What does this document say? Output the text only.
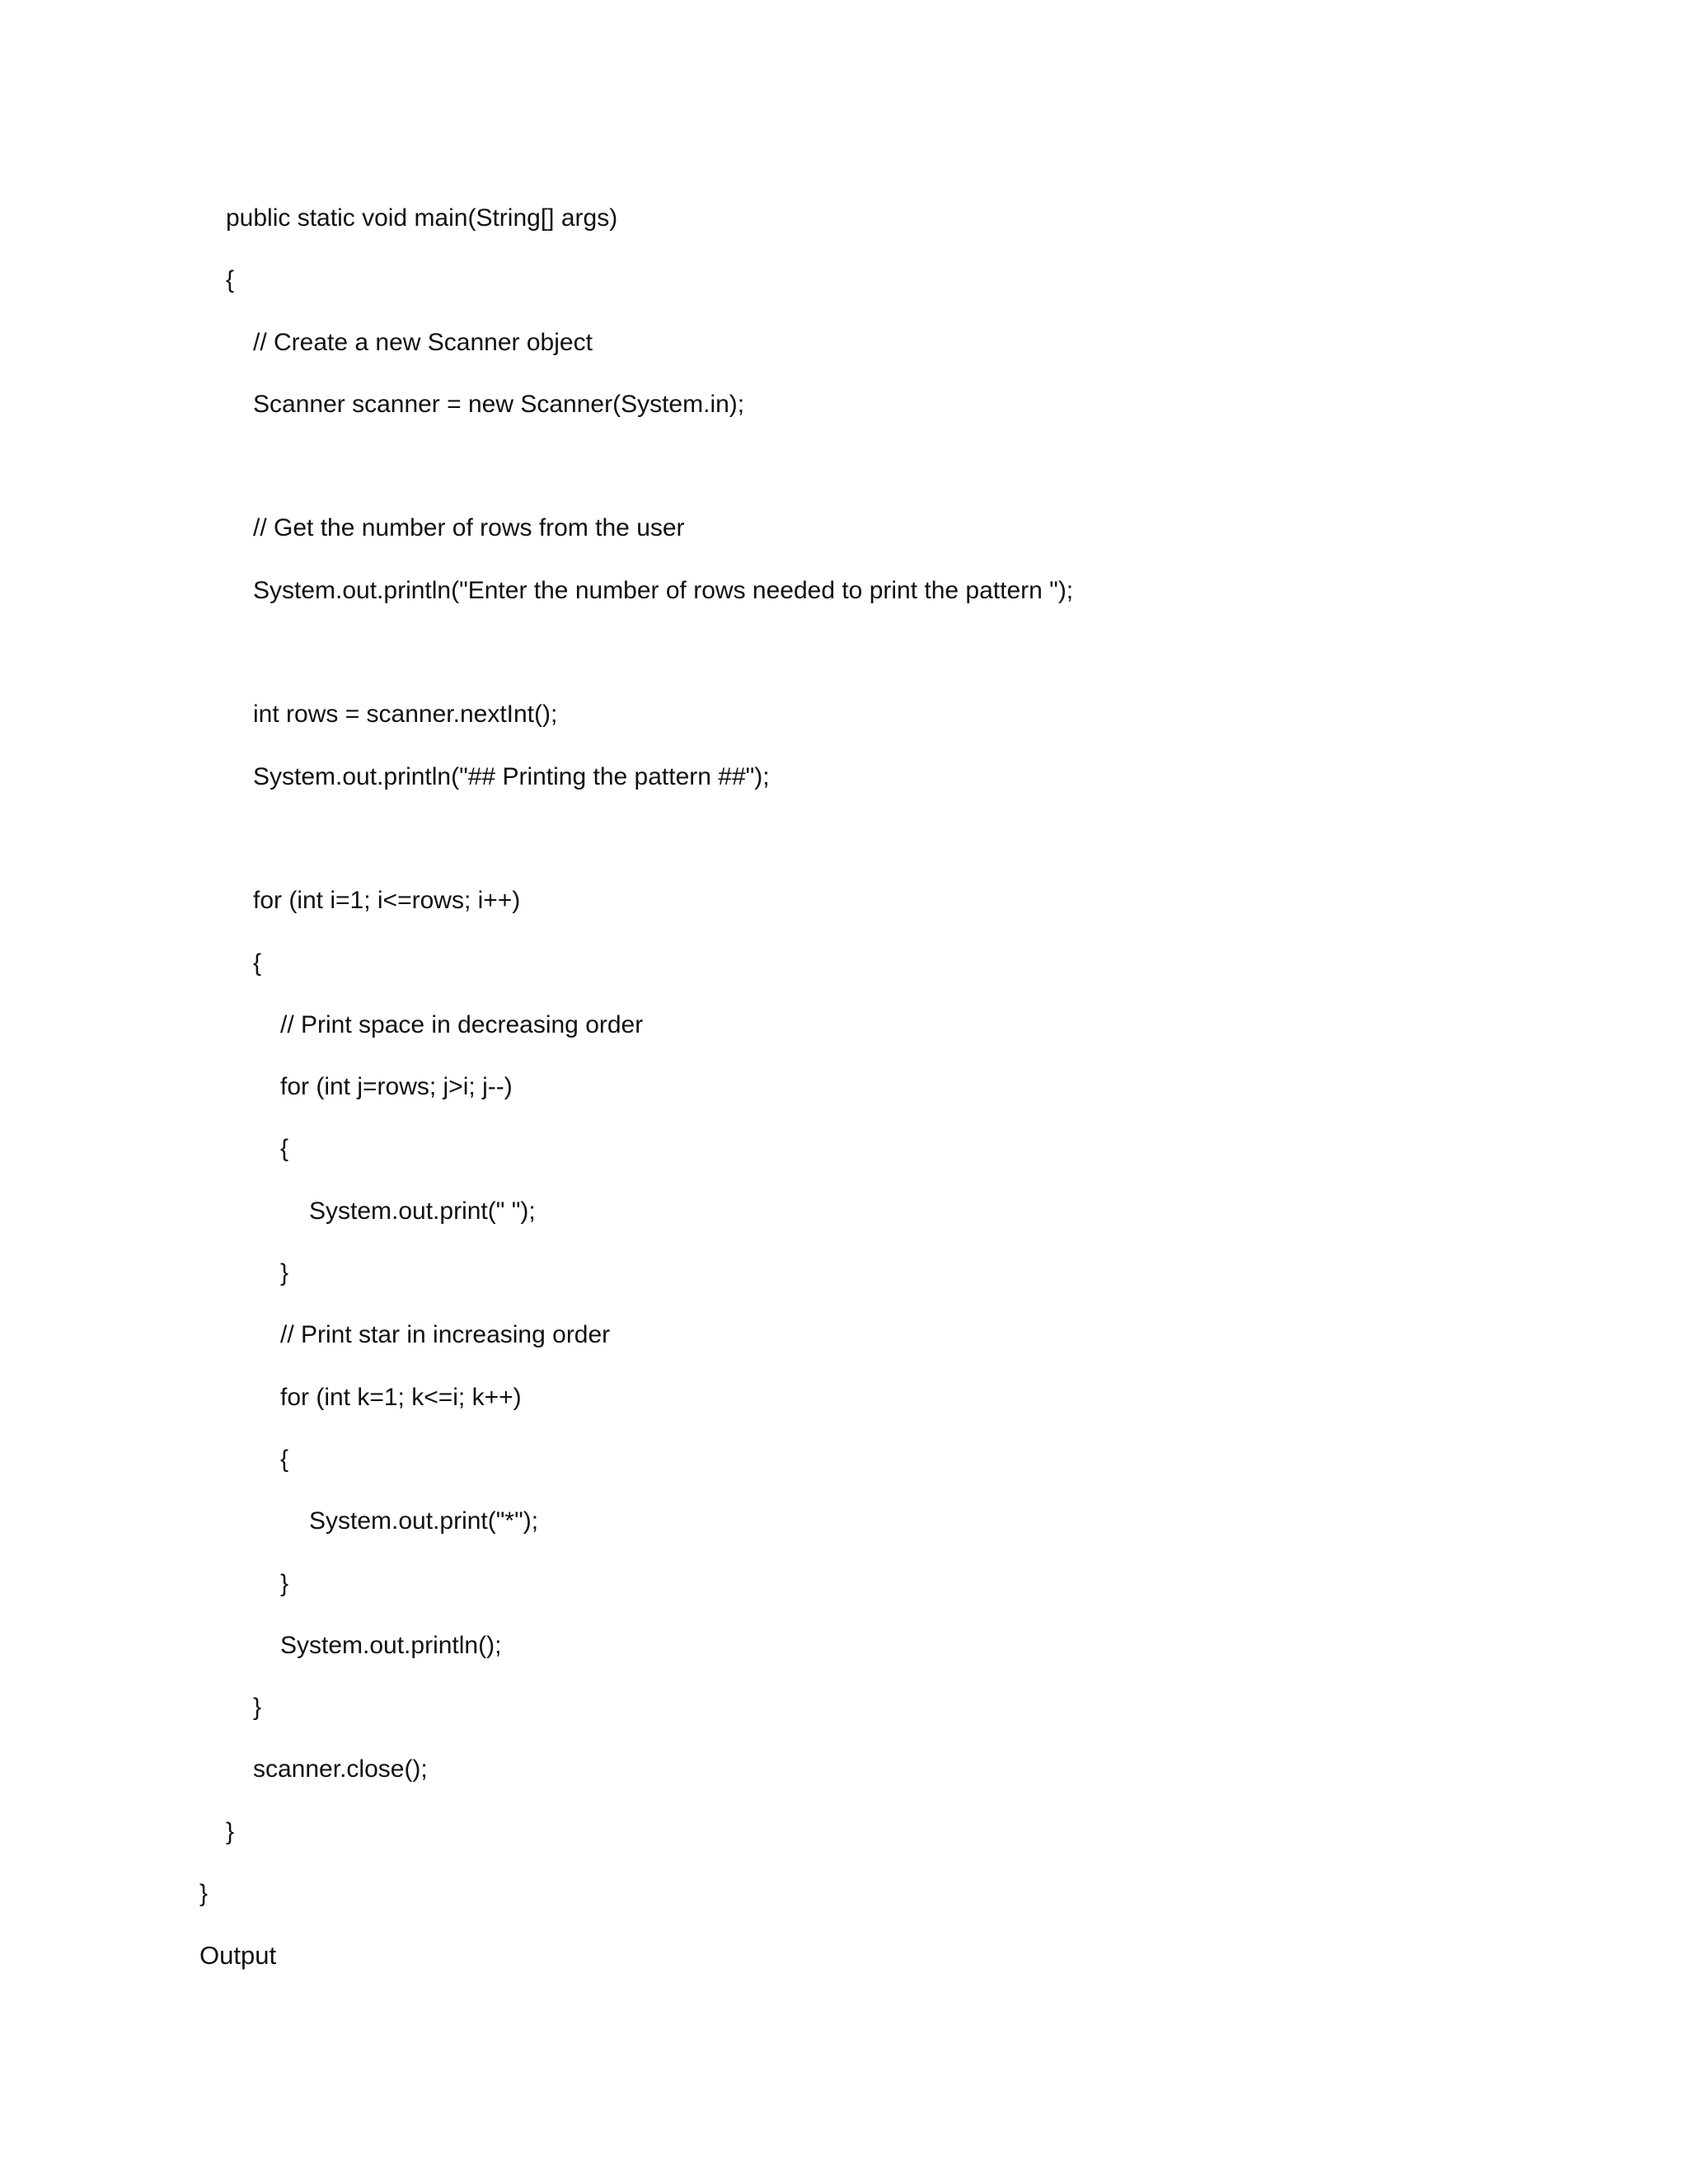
public static void main(String[] args)
{
// Create a new Scanner object
Scanner scanner = new Scanner(System.in);
// Get the number of rows from the user
System.out.println("Enter the number of rows needed to print the pattern ");
int rows = scanner.nextInt();
System.out.println("## Printing the pattern ##");
for (int i=1; i<=rows; i++)
{
// Print space in decreasing order
for (int j=rows; j>i; j--)
{
System.out.print(" ");
}
// Print star in increasing order
for (int k=1; k<=i; k++)
{
System.out.print("*");
}
System.out.println();
}
scanner.close();
}
}
Output
